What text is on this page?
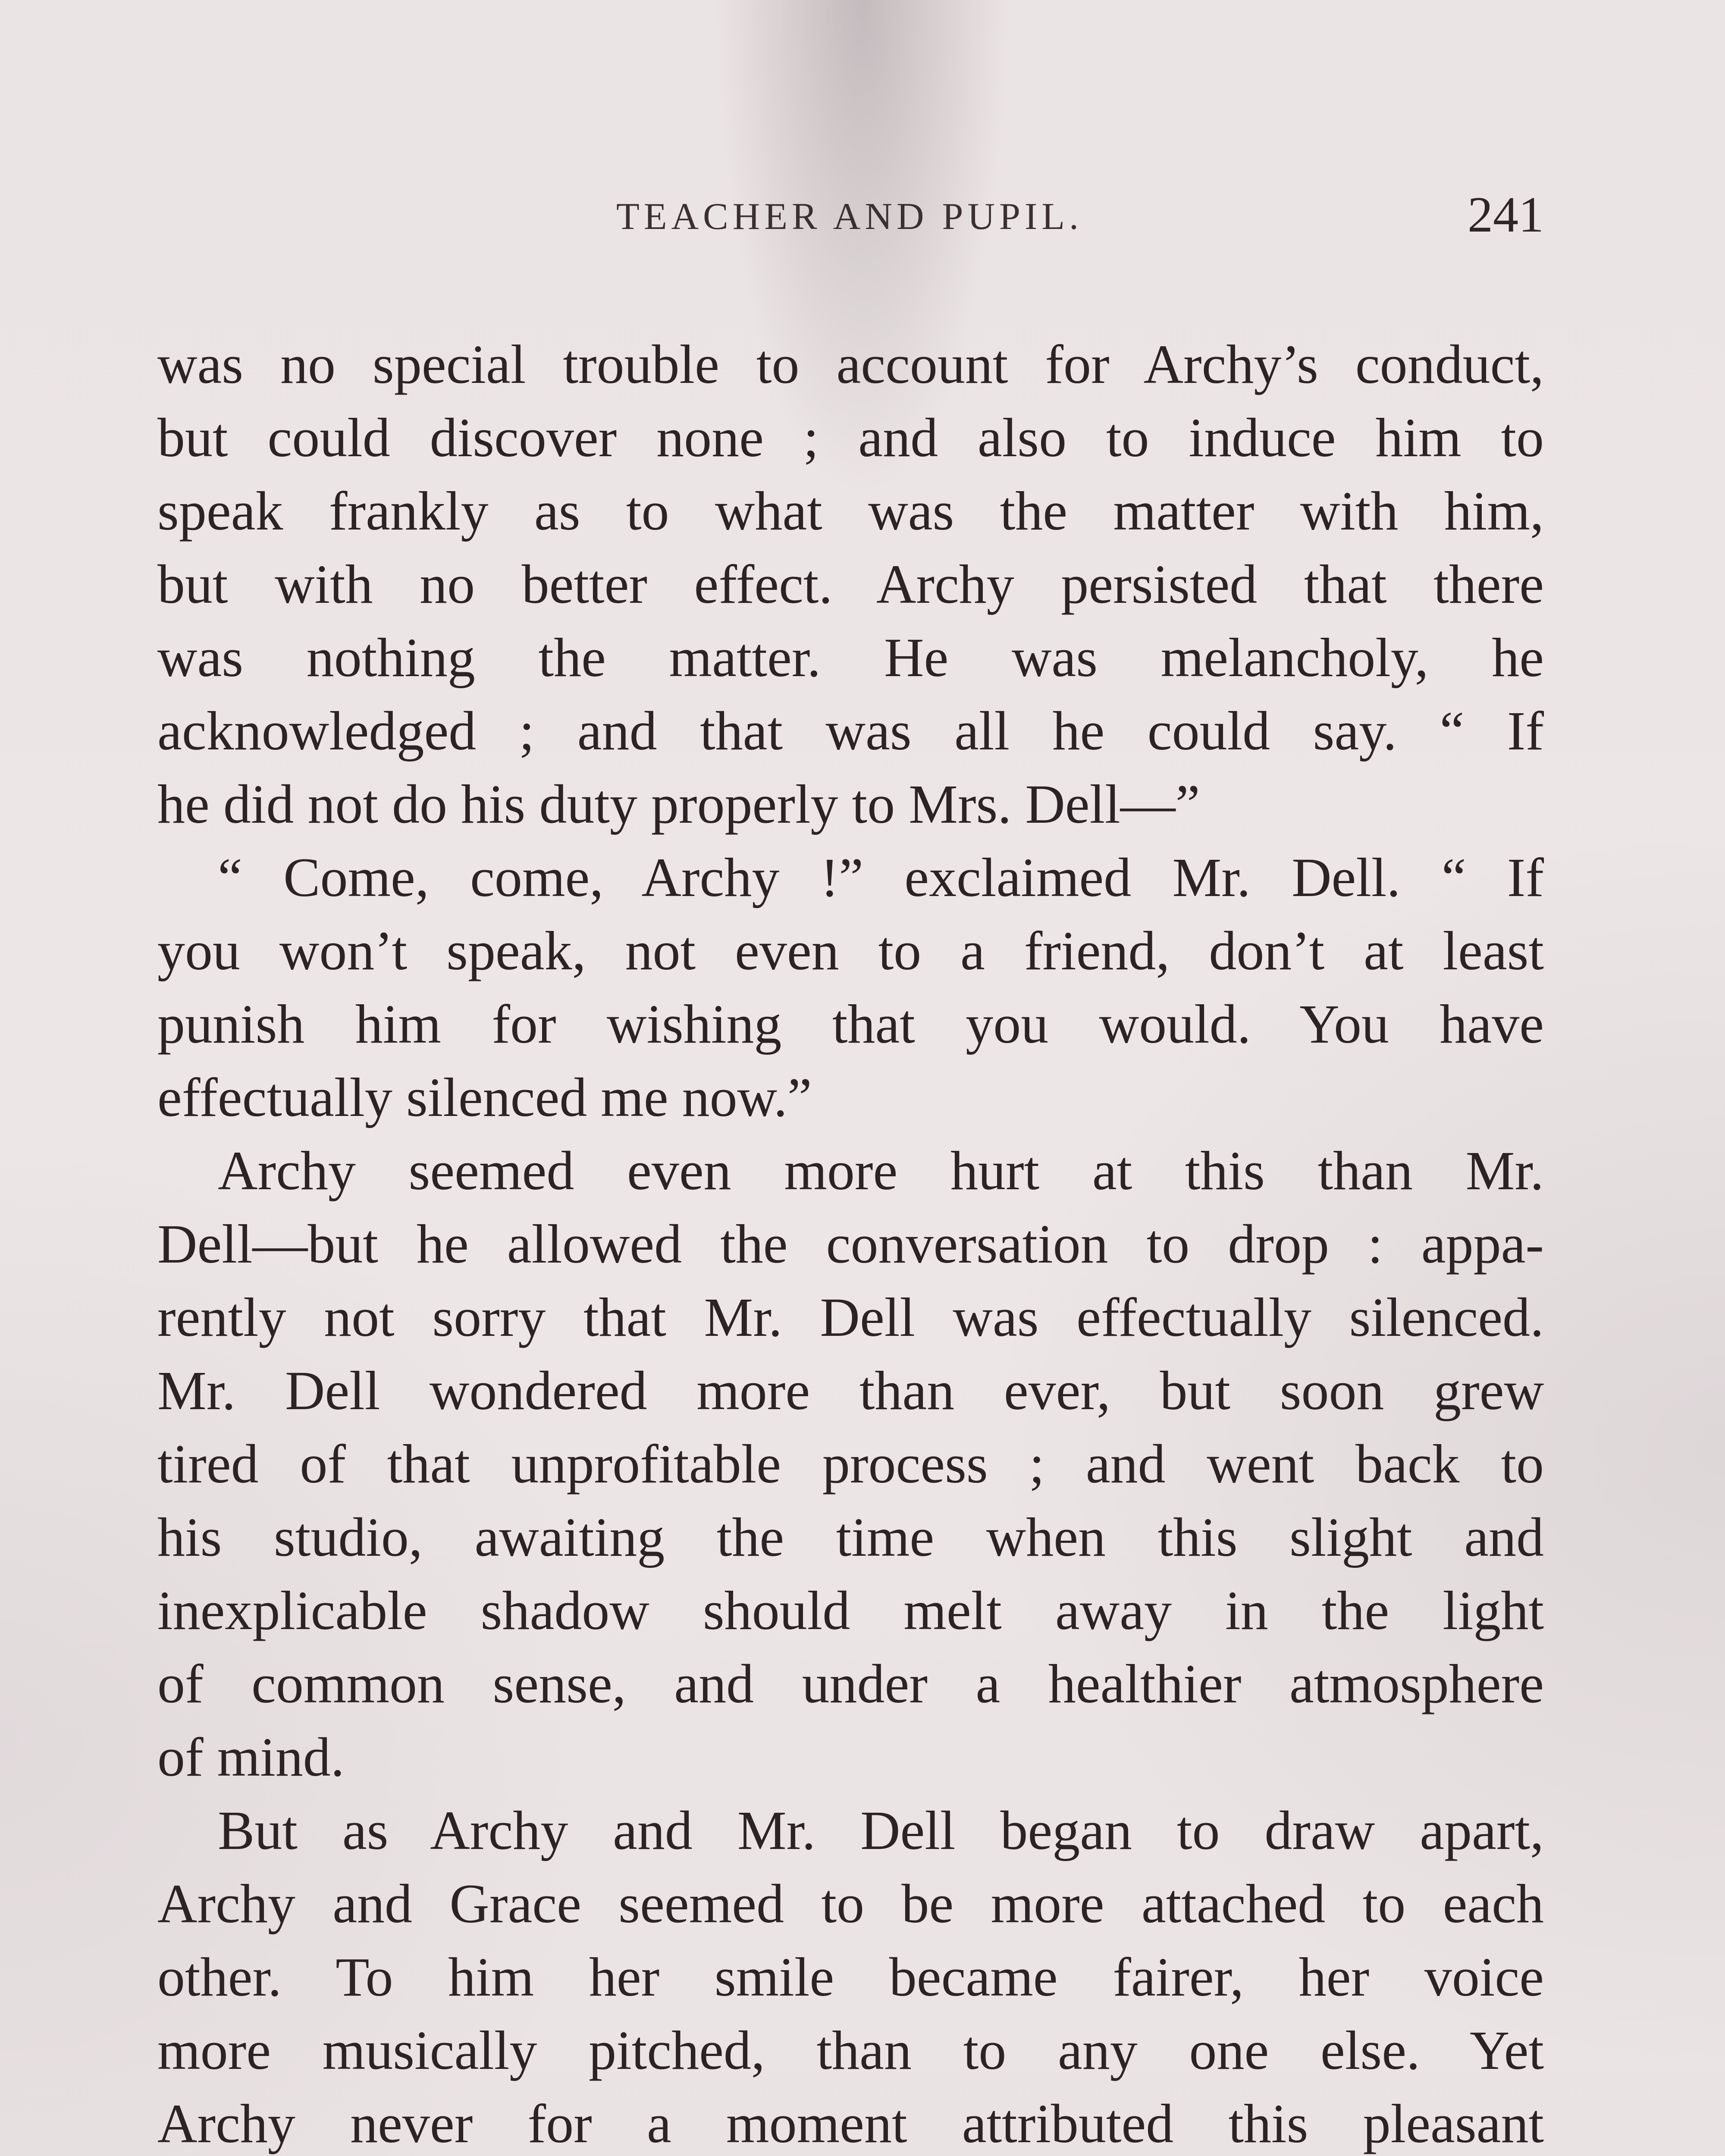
TEACHER AND PUPIL.	241
was no special trouble to account for Archy’s conduct,
but could discover none ; and also to induce him to
speak frankly as to what was the matter with him,
but with no better effect. Archy persisted that there
was nothing the matter. He was melancholy, he
acknowledged ; and that was all he could say. “ If
he did not do his duty properly to Mrs. Dell—”
“ Come, come, Archy !” exclaimed Mr. Dell. “ If
you won’t speak, not even to a friend, don’t at least
punish him for wishing that you would. You have
effectually silenced me now.”
Archy seemed even more hurt at this than Mr.
Dell—but he allowed the conversation to drop : appa-
rently not sorry that Mr. Dell was effectually silenced.
Mr. Dell wondered more than ever, but soon grew
tired of that unprofitable process ; and went back to
his studio, awaiting the time when this slight and
inexplicable shadow should melt away in the light
of common sense, and under a healthier atmosphere
of mind.
But as Archy and Mr. Dell began to draw apart,
Archy and Grace seemed to be more attached to each
other. To him her smile became fairer, her voice
more musically pitched, than to any one else. Yet
Archy never for a moment attributed this pleasant
